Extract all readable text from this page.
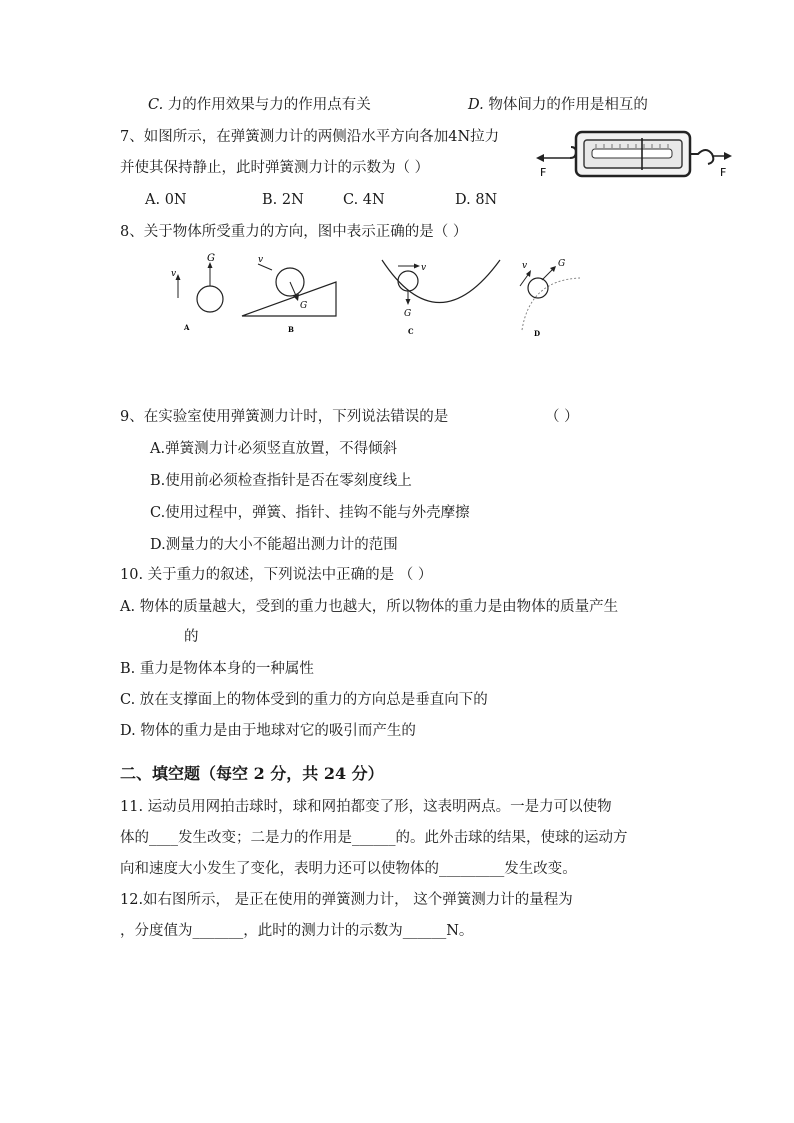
C. 力的作用效果与力的作用点有关	D. 物体间力的作用是相互的
7、如图所示，在弹簧测力计的两侧沿水平方向各加4N拉力
并使其保持静止，此时弹簧测力计的示数为（ ）
A. 0N	B. 2N	C. 4N	D. 8N
F	F
8、关于物体所受重力的方向，图中表示正确的是（ ）
v
G
A
v
G
B
v
G
C
v	G
D
9、在实验室使用弹簧测力计时，下列说法错误的是	（ ）
A.弹簧测力计必须竖直放置，不得倾斜
B.使用前必须检查指针是否在零刻度线上
C.使用过程中，弹簧、指针、挂钩不能与外壳摩擦
D.测量力的大小不能超出测力计的范围
10. 关于重力的叙述，下列说法中正确的是 （ ）
A. 物体的质量越大，受到的重力也越大，所以物体的重力是由物体的质量产生
的
B. 重力是物体本身的一种属性
C. 放在支撑面上的物体受到的重力的方向总是垂直向下的
D. 物体的重力是由于地球对它的吸引而产生的
二、填空题（每空 2 分，共 24 分）
11. 运动员用网拍击球时，球和网拍都变了形，这表明两点。一是力可以使物
体的____发生改变；二是力的作用是______的。此外击球的结果，使球的运动方
向和速度大小发生了变化，表明力还可以使物体的_________发生改变。
12.如右图所示， 是正在使用的弹簧测力计， 这个弹簧测力计的量程为
，分度值为_______，此时的测力计的示数为______N。
